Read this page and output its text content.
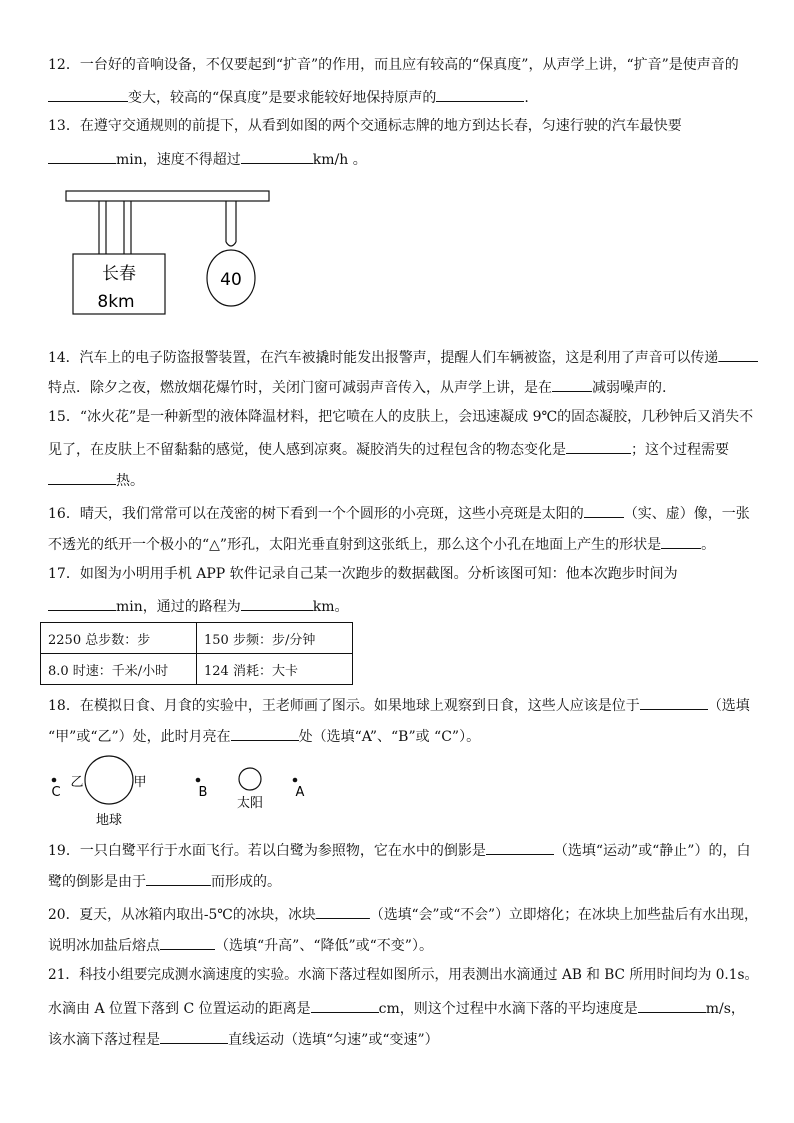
12．一台好的音响设备，不仅要起到“扩音”的作用，而且应有较高的“保真度”，从声学上讲，“扩音”是使声音的
变大，较高的“保真度”是要求能较好地保持原声的	.
13．在遵守交通规则的前提下，从看到如图的两个交通标志牌的地方到达长春，匀速行驶的汽车最快要
min，速度不得超过	km/h 。
长春
8km
40
14．汽车上的电子防盗报警装置，在汽车被撬时能发出报警声，提醒人们车辆被盗，这是利用了声音可以传递
特点．除夕之夜，燃放烟花爆竹时，关闭门窗可减弱声音传入，从声学上讲，是在	减弱噪声的.
15．“冰火花”是一种新型的液体降温材料，把它喷在人的皮肤上，会迅速凝成 9℃的固态凝胶，几秒钟后又消失不
见了，在皮肤上不留黏黏的感觉，使人感到凉爽。凝胶消失的过程包含的物态变化是	；这个过程需要
热。
16．晴天，我们常常可以在茂密的树下看到一个个圆形的小亮斑，这些小亮斑是太阳的	（实、虚）像，一张
不透光的纸开一个极小的“△”形孔，太阳光垂直射到这张纸上，那么这个小孔在地面上产生的形状是	。
17．如图为小明用手机 APP 软件记录自己某一次跑步的数据截图。分析该图可知：他本次跑步时间为
min，通过的路程为	km。
2250 总步数：步	150 步频：步/分钟
8.0 时速：千米/小时	124 消耗：大卡
18．在模拟日食、月食的实验中，王老师画了图示。如果地球上观察到日食，这些人应该是位于	（选填
“甲”或“乙”）处，此时月亮在	处（选填“A”、“B”或 “C”）。
C
乙	甲
地球
B
太阳
A
19．一只白鹭平行于水面飞行。若以白鹭为参照物，它在水中的倒影是	（选填“运动”或“静止”）的，白
鹭的倒影是由于	而形成的。
20．夏天，从冰箱内取出-5℃的冰块，冰块	（选填“会”或“不会”）立即熔化；在冰块上加些盐后有水出现，
说明冰加盐后熔点	（选填“升高”、“降低”或“不变”）。
21．科技小组要完成测水滴速度的实验。水滴下落过程如图所示，用表测出水滴通过 AB 和 BC 所用时间均为 0.1s。
水滴由 A 位置下落到 C 位置运动的距离是	cm，则这个过程中水滴下落的平均速度是	m/s，
该水滴下落过程是	直线运动（选填“匀速”或“变速”）
